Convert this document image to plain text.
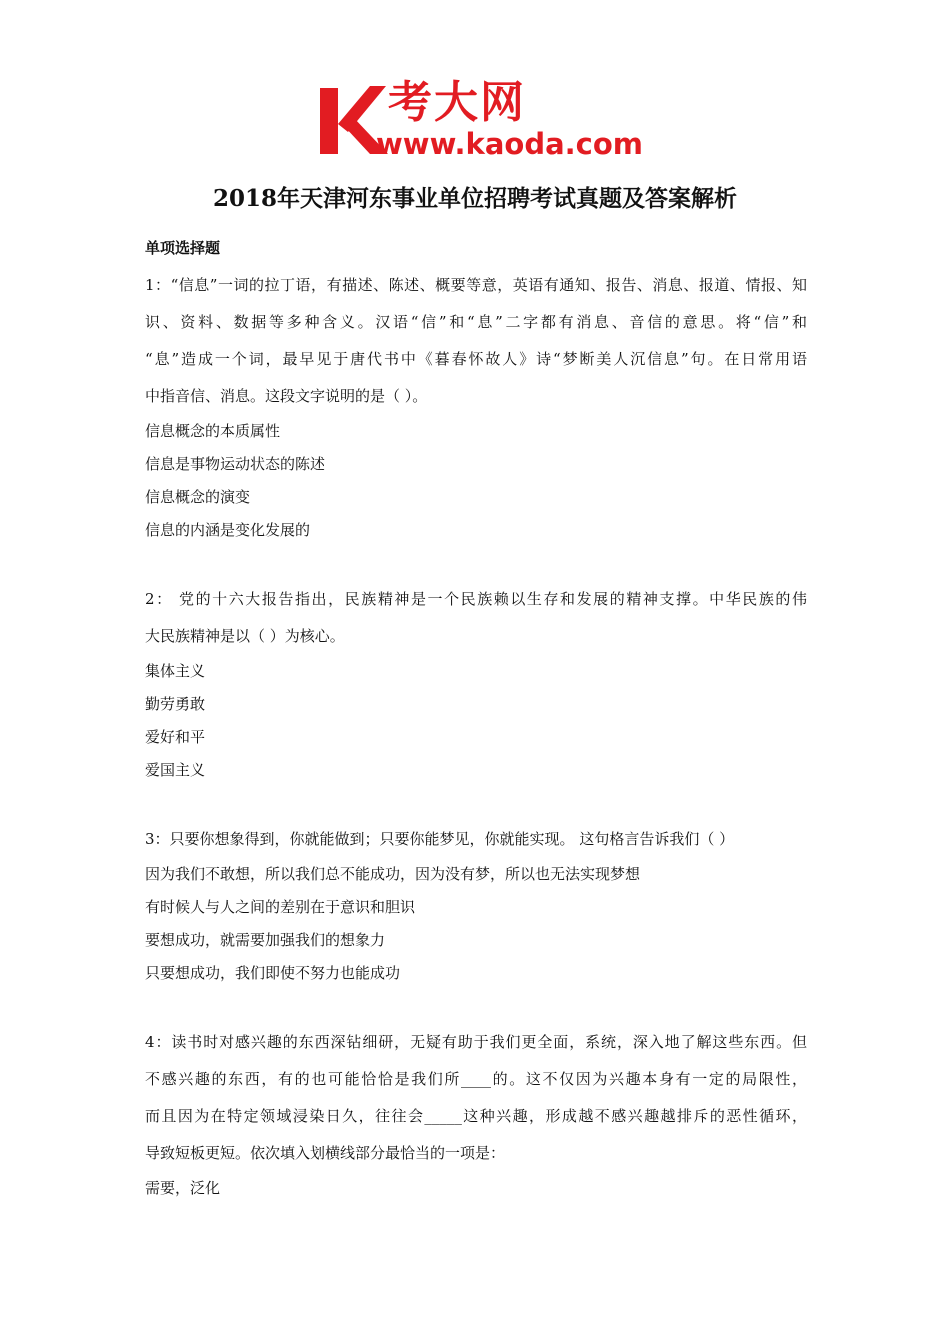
考大网
www.kaoda.com
2018年天津河东事业单位招聘考试真题及答案解析
单项选择题
1：“信息”一词的拉丁语，有描述、陈述、概要等意，英语有通知、报告、消息、报道、情报、知
识、资料、数据等多种含义。汉语“信”和“息”二字都有消息、音信的意思。将“信”和
“息”造成一个词，最早见于唐代书中《暮春怀故人》诗“梦断美人沉信息”句。在日常用语
中指音信、消息。这段文字说明的是（ ）。
信息概念的本质属性
信息是事物运动状态的陈述
信息概念的演变
信息的内涵是变化发展的
2： 党的十六大报告指出，民族精神是一个民族赖以生存和发展的精神支撑。中华民族的伟
大民族精神是以（ ）为核心。
集体主义
勤劳勇敢
爱好和平
爱国主义
3：只要你想象得到，你就能做到；只要你能梦见，你就能实现。 这句格言告诉我们（ ）
因为我们不敢想，所以我们总不能成功，因为没有梦，所以也无法实现梦想
有时候人与人之间的差别在于意识和胆识
要想成功，就需要加强我们的想象力
只要想成功，我们即使不努力也能成功
4：读书时对感兴趣的东西深钻细研，无疑有助于我们更全面，系统，深入地了解这些东西。但
不感兴趣的东西，有的也可能恰恰是我们所____的。这不仅因为兴趣本身有一定的局限性，
而且因为在特定领域浸染日久，往往会_____这种兴趣，形成越不感兴趣越排斥的恶性循环，
导致短板更短。依次填入划横线部分最恰当的一项是：
需要，泛化
